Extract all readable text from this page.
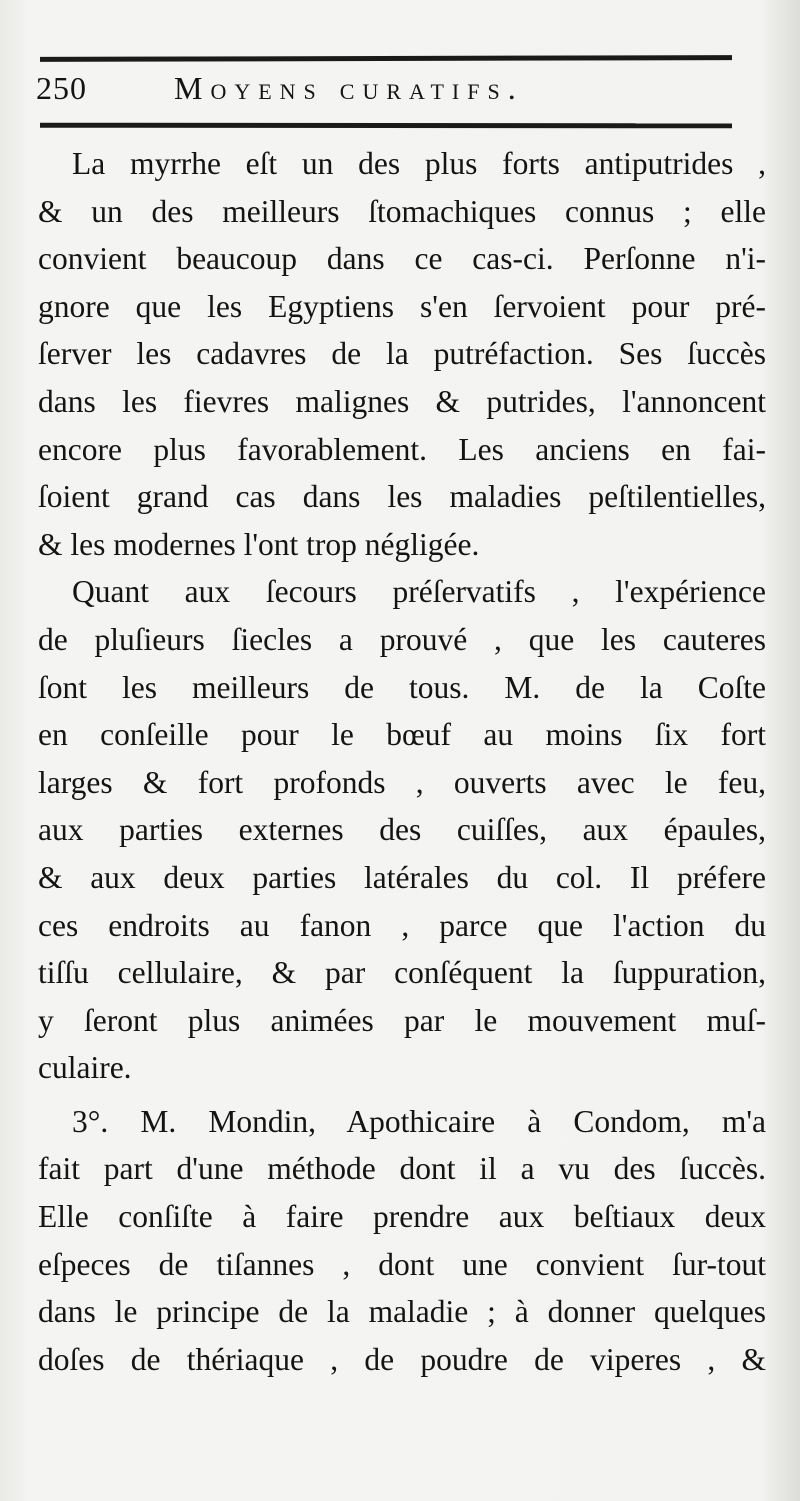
250	Moyens curatifs.
La myrrhe eſt un des plus forts antiputrides ,
& un des meilleurs ſtomachiques connus ; elle
convient beaucoup dans ce cas-ci. Perſonne n'i-
gnore que les Egyptiens s'en ſervoient pour pré-
ſerver les cadavres de la putréfaction. Ses ſuccès
dans les fievres malignes & putrides, l'annoncent
encore plus favorablement. Les anciens en fai-
ſoient grand cas dans les maladies peſtilentielles,
& les modernes l'ont trop négligée.
Quant aux ſecours préſervatifs , l'expérience
de pluſieurs ſiecles a prouvé , que les cauteres
ſont les meilleurs de tous. M. de la Coſte
en conſeille pour le bœuf au moins ſix fort
larges & fort profonds , ouverts avec le feu,
aux parties externes des cuiſſes, aux épaules,
& aux deux parties latérales du col. Il préfere
ces endroits au fanon , parce que l'action du
tiſſu cellulaire, & par conſéquent la ſuppuration,
y ſeront plus animées par le mouvement muſ-
culaire.
3°. M. Mondin, Apothicaire à Condom, m'a
fait part d'une méthode dont il a vu des ſuccès.
Elle conſiſte à faire prendre aux beſtiaux deux
eſpeces de tiſannes , dont une convient ſur-tout
dans le principe de la maladie ; à donner quelques
doſes de thériaque , de poudre de viperes , &
